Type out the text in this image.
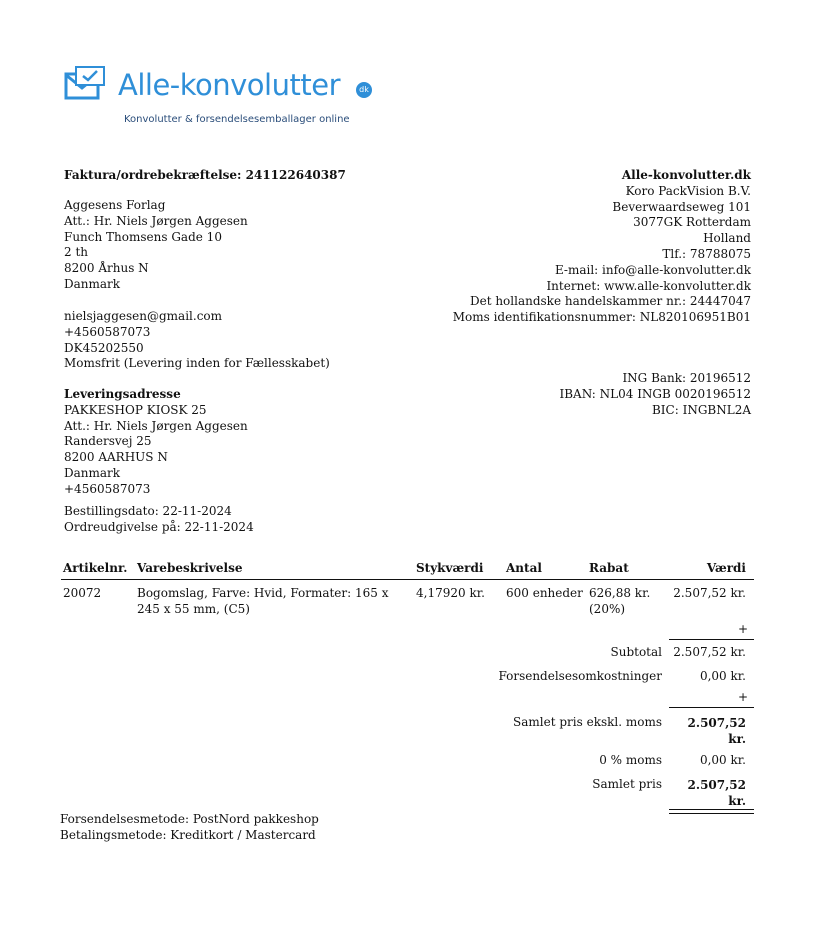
Alle-konvolutter	dk
Konvolutter & forsendelsesemballager online
Faktura/ordrebekræftelse: 241122640387
Aggesens Forlag
Att.: Hr. Niels Jørgen Aggesen
Funch Thomsens Gade 10
2 th
8200 Århus N
Danmark
nielsjaggesen@gmail.com
+4560587073
DK45202550
Momsfrit (Levering inden for Fællesskabet)
Leveringsadresse
PAKKESHOP KIOSK 25
Att.: Hr. Niels Jørgen Aggesen
Randersvej 25
8200 AARHUS N
Danmark
+4560587073
Bestillingsdato: 22-11-2024
Ordreudgivelse på: 22-11-2024
Alle-konvolutter.dk
Koro PackVision B.V.
Beverwaardseweg 101
3077GK Rotterdam
Holland
Tlf.: 78788075
E-mail: info@alle-konvolutter.dk
Internet: www.alle-konvolutter.dk
Det hollandske handelskammer nr.: 24447047
Moms identifikationsnummer: NL820106951B01
ING Bank: 20196512
IBAN: NL04 INGB 0020196512
BIC: INGBNL2A
Artikelnr.	Varebeskrivelse	Stykværdi	Antal	Rabat	Værdi
20072	Bogomslag, Farve: Hvid, Formater: 165 x 245 x 55 mm, (C5)	4,17920 kr.	600 enheder	626,88 kr. (20%)	2.507,52 kr.
+
Subtotal 2.507,52 kr.
Forsendelsesomkostninger	0,00 kr.
+
Samlet pris ekskl. moms 2.507,52
kr.
0 % moms	0,00 kr.
Samlet pris 2.507,52
kr.
Forsendelsesmetode: PostNord pakkeshop
Betalingsmetode: Kreditkort / Mastercard
